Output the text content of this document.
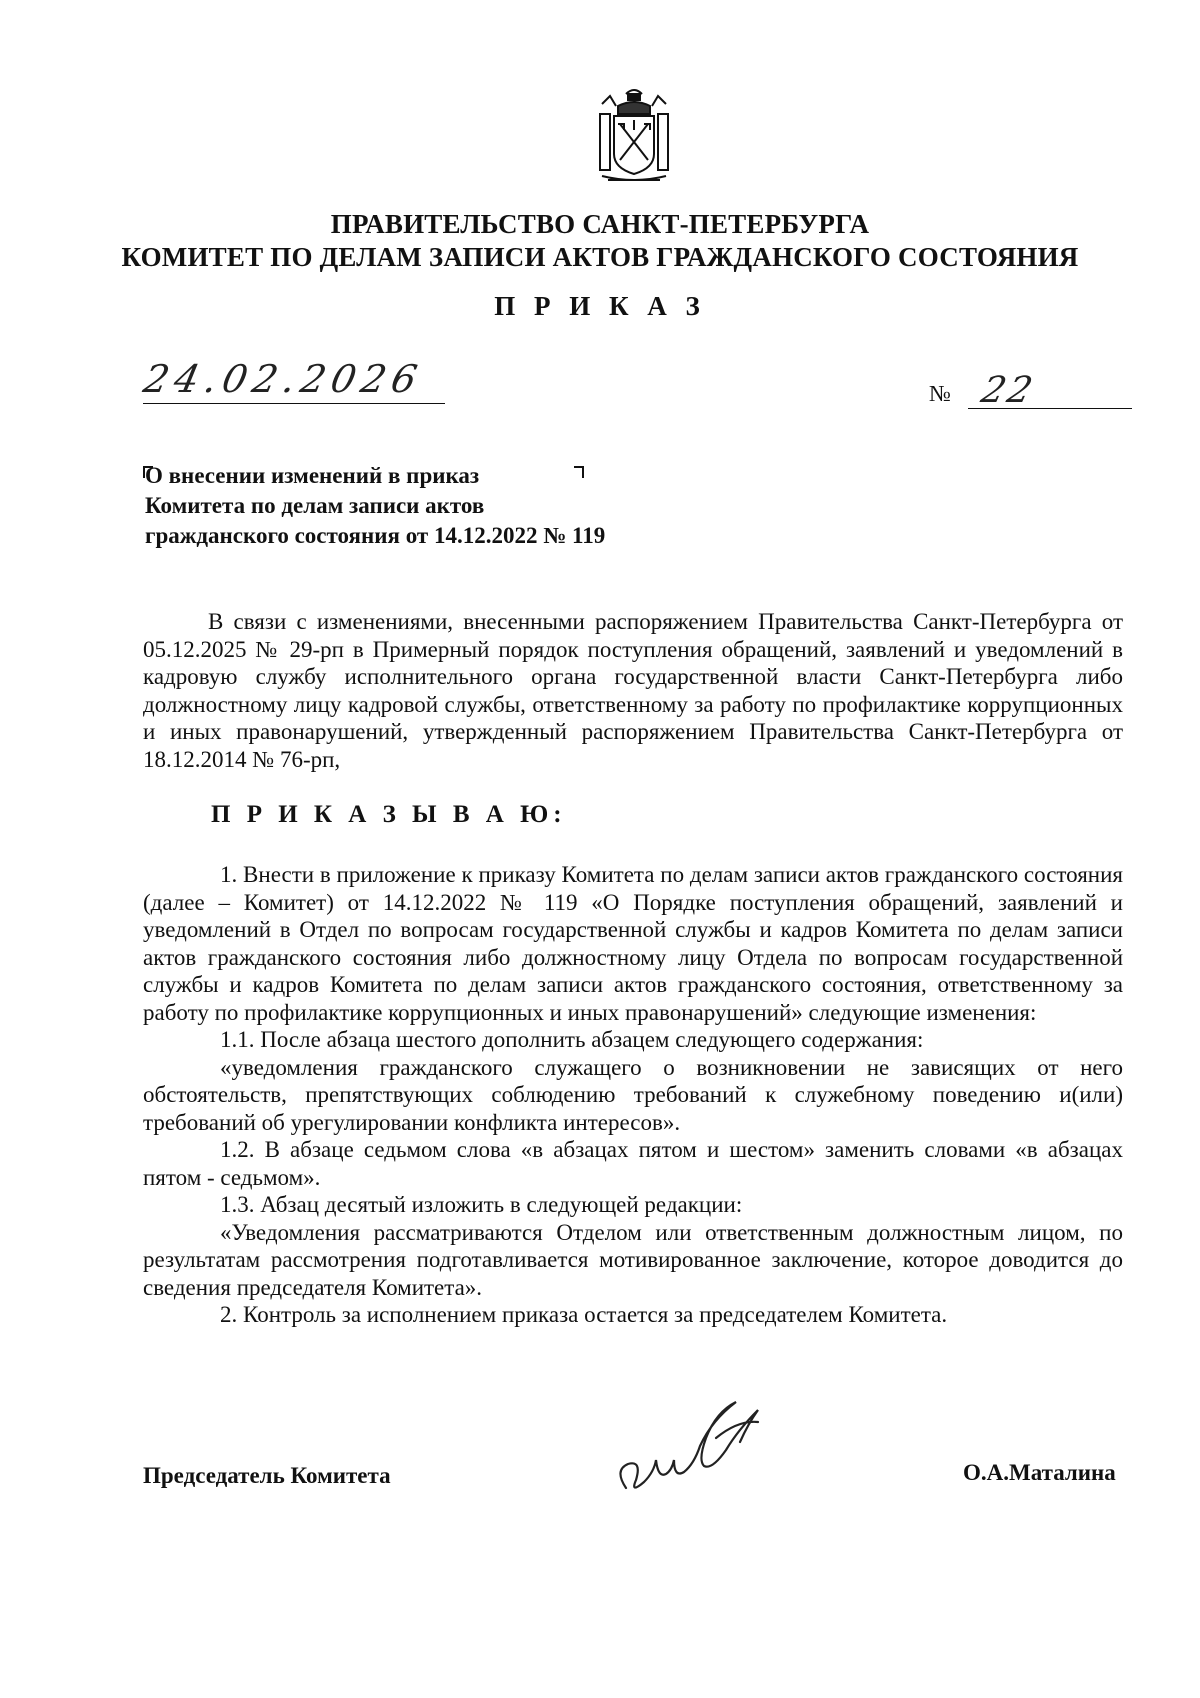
ПРАВИТЕЛЬСТВО САНКТ-ПЕТЕРБУРГА
КОМИТЕТ ПО ДЕЛАМ ЗАПИСИ АКТОВ ГРАЖДАНСКОГО СОСТОЯНИЯ
П Р И К А З
24.02.2026	№ 22
О внесении изменений в приказ
Комитета по делам записи актов
гражданского состояния от 14.12.2022 № 119
В связи с изменениями, внесенными распоряжением Правительства Санкт-Петербурга от 05.12.2025 № 29-рп в Примерный порядок поступления обращений, заявлений и уведомлений в кадровую службу исполнительного органа государственной власти Санкт-Петербурга либо должностному лицу кадровой службы, ответственному за работу по профилактике коррупционных и иных правонарушений, утвержденный распоряжением Правительства Санкт-Петербурга от 18.12.2014 № 76-рп,
П Р И К А З Ы В А Ю:

1. Внести в приложение к приказу Комитета по делам записи актов гражданского состояния (далее – Комитет) от 14.12.2022 № 119 «О Порядке поступления обращений, заявлений и уведомлений в Отдел по вопросам государственной службы и кадров Комитета по делам записи актов гражданского состояния либо должностному лицу Отдела по вопросам государственной службы и кадров Комитета по делам записи актов гражданского состояния, ответственному за работу по профилактике коррупционных и иных правонарушений» следующие изменения:

1.1. После абзаца шестого дополнить абзацем следующего содержания:

«уведомления гражданского служащего о возникновении не зависящих от него обстоятельств, препятствующих соблюдению требований к служебному поведению и(или) требований об урегулировании конфликта интересов».

1.2. В абзаце седьмом слова «в абзацах пятом и шестом» заменить словами «в абзацах пятом - седьмом».

1.3. Абзац десятый изложить в следующей редакции:

«Уведомления рассматриваются Отделом или ответственным должностным лицом, по результатам рассмотрения подготавливается мотивированное заключение, которое доводится до сведения председателя Комитета».

2. Контроль за исполнением приказа остается за председателем Комитета.

Председатель Комитета	О.А.Маталина
